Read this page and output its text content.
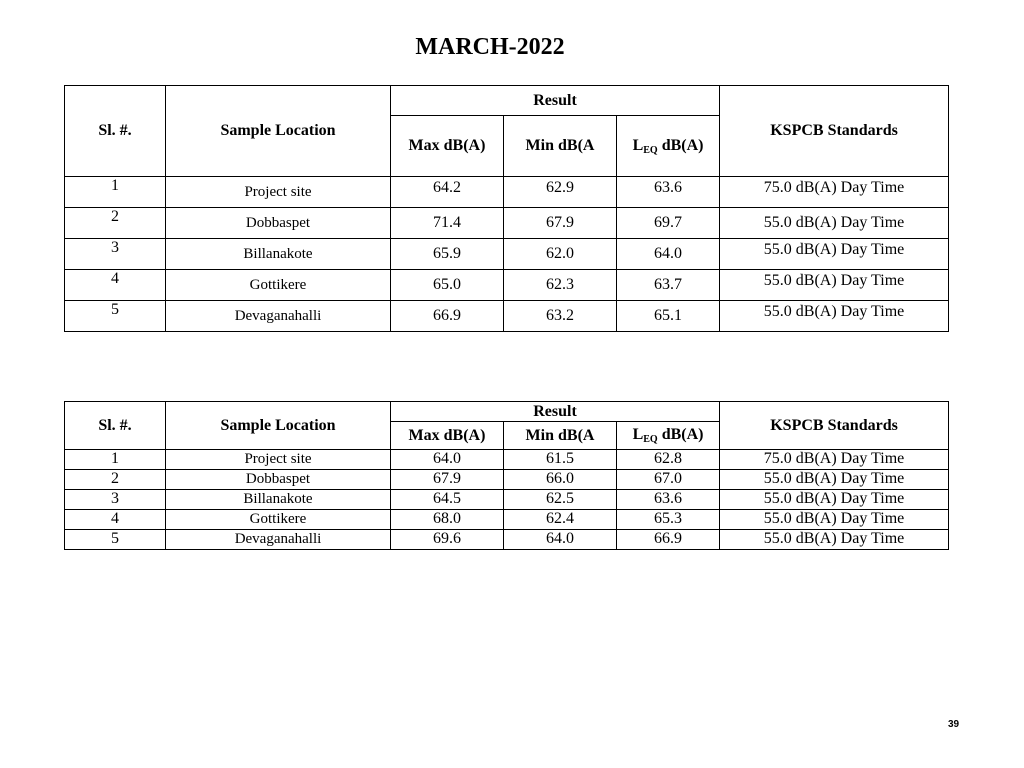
MARCH-2022
Sl. #.	Sample Location	Result			KSPCB Standards
		Max dB(A)	Min dB(A	$L_{EQ}$ dB(A)	
1	Project site	64.2	62.9	63.6	75.0 dB(A) Day Time
2	Dobbaspet	71.4	67.9	69.7	55.0 dB(A) Day Time
3	Billanakote	65.9	62.0	64.0	55.0 dB(A) Day Time
4	Gottikere	65.0	62.3	63.7	55.0 dB(A) Day Time
5	Devaganahalli	66.9	63.2	65.1	55.0 dB(A) Day Time
Sl. #.	Sample Location	Result			KSPCB Standards
		Max dB(A)	Min dB(A	$L_{EQ}$ dB(A)	
1	Project site	64.0	61.5	62.8	75.0 dB(A) Day Time
2	Dobbaspet	67.9	66.0	67.0	55.0 dB(A) Day Time
3	Billanakote	64.5	62.5	63.6	55.0 dB(A) Day Time
4	Gottikere	68.0	62.4	65.3	55.0 dB(A) Day Time
5	Devaganahalli	69.6	64.0	66.9	55.0 dB(A) Day Time
39
